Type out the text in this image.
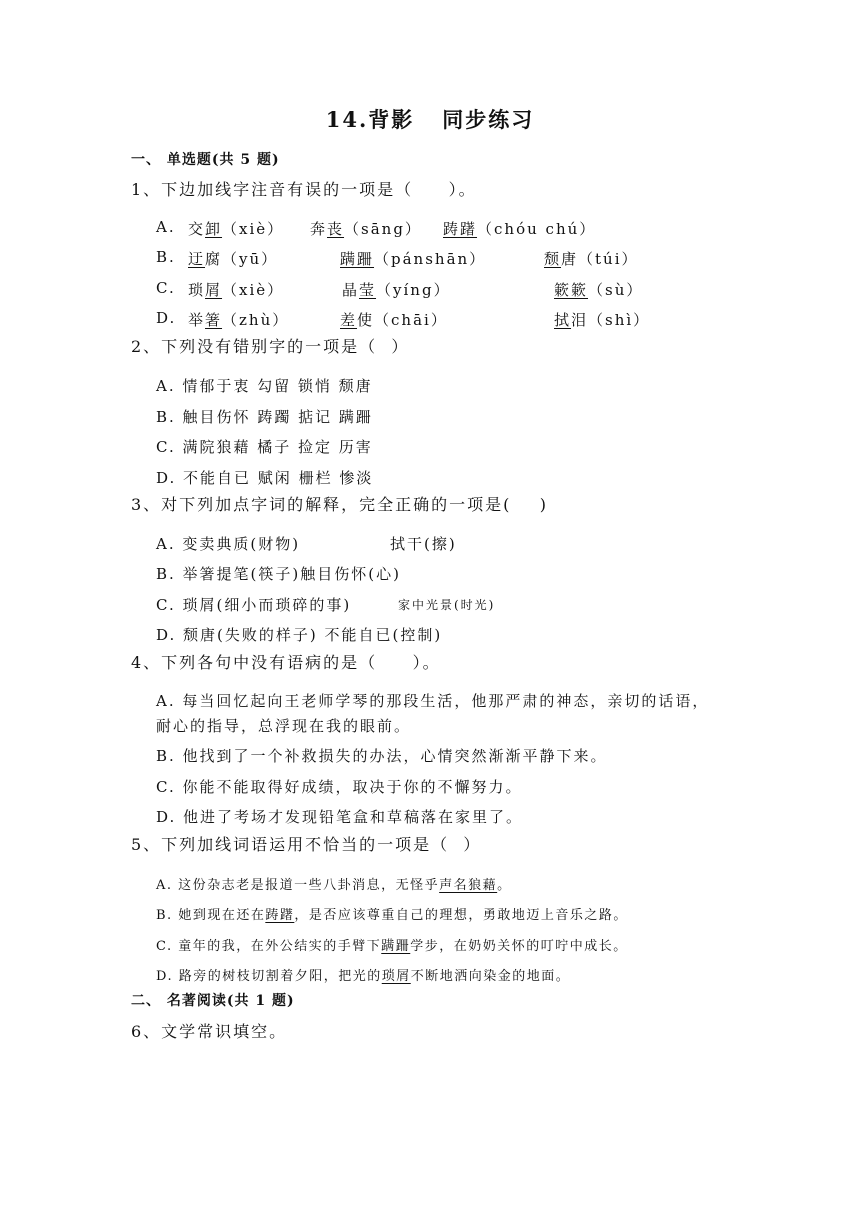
14.背影   同步练习
一、 单选题(共 5 题)
1、下边加线字注音有误的一项是（     ）。
A. 交卸（xiè） 奔丧（sāng） 踌躇（chóu chú）
B. 迂腐（yū）	蹒跚（pánshān）	颓唐（túi）
C. 琐屑（xiè）	晶莹（yíng）	簌簌（sù）
D. 举箸（zhù）	差使（chāi）	拭泪（shì）
2、下列没有错别字的一项是（  ）
A. 情郁于衷 勾留 锁悄 颓唐
B. 触目伤怀 踌躅 掂记 蹒跚
C. 满院狼藉 橘子 捡定 历害
D. 不能自已 赋闲 栅栏 惨淡
3、对下列加点字词的解释，完全正确的一项是(    )
A. 变卖典质(财物)	拭干(擦)
B. 举箸提笔(筷子)触目伤怀(心)
C. 琐屑(细小而琐碎的事)	家中光景(时光)
D. 颓唐(失败的样子) 不能自已(控制)
4、下列各句中没有语病的是（     ）。
A. 每当回忆起向王老师学琴的那段生活，他那严肃的神态，亲切的话语，
耐心的指导，总浮现在我的眼前。
B. 他找到了一个补救损失的办法，心情突然渐渐平静下来。
C. 你能不能取得好成绩，取决于你的不懈努力。
D. 他进了考场才发现铅笔盒和草稿落在家里了。
5、下列加线词语运用不恰当的一项是（  ）
A. 这份杂志老是报道一些八卦消息，无怪乎声名狼藉。
B. 她到现在还在踌躇，是否应该尊重自己的理想，勇敢地迈上音乐之路。
C. 童年的我，在外公结实的手臂下蹒跚学步，在奶奶关怀的叮咛中成长。
D. 路旁的树枝切割着夕阳，把光的琐屑不断地洒向染金的地面。
二、 名著阅读(共 1 题)
6、文学常识填空。
